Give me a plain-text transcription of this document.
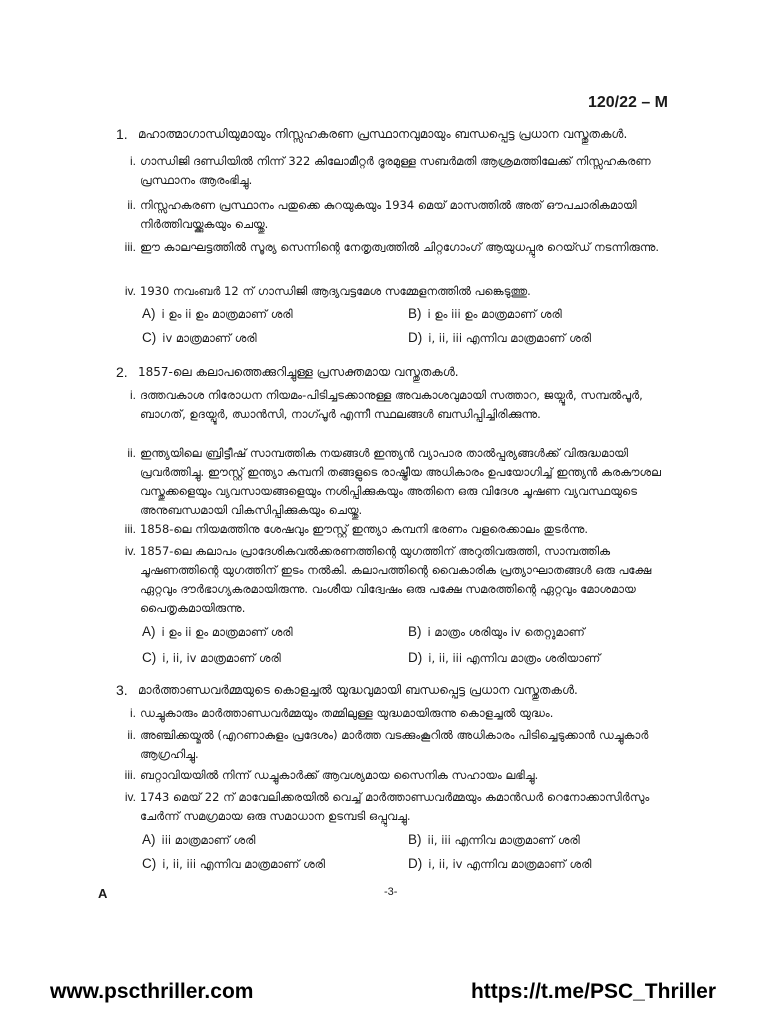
120/22 – M
1. മഹാത്മാഗാന്ധിയുമായും നിസ്സഹകരണ പ്രസ്ഥാനവുമായും ബന്ധപ്പെട്ട പ്രധാന വസ്തുതകൾ.
i. ഗാന്ധിജി ദണ്ഡിയിൽ നിന്ന് 322 കിലോമീറ്റർ ദൂരമുള്ള സബർമതി ആശ്രമത്തിലേക്ക് നിസ്സഹകരണ പ്രസ്ഥാനം ആരംഭിച്ചു.
ii. നിസ്സഹകരണ പ്രസ്ഥാനം പതുക്കെ കുറയുകയും 1934 മെയ് മാസത്തിൽ അത് ഔപചാരികമായി നിർത്തിവയ്ക്കുകയും ചെയ്തു.
iii. ഈ കാലഘട്ടത്തിൽ സൂര്യ സെന്നിന്റെ നേതൃത്വത്തിൽ ചിറ്റഗോംഗ് ആയുധപ്പുര റെയ്ഡ് നടന്നിരുന്നു.
iv. 1930 നവംബർ 12 ന് ഗാന്ധിജി ആദ്യവട്ടമേശ സമ്മേളനത്തിൽ പങ്കെടുത്തു.
A) i ഉം ii ഉം മാത്രമാണ് ശരി	B) i ഉം iii ഉം മാത്രമാണ് ശരി
C) iv മാത്രമാണ് ശരി	D) i, ii, iii എന്നിവ മാത്രമാണ് ശരി
2. 1857-ലെ കലാപത്തെക്കുറിച്ചുള്ള പ്രസക്തമായ വസ്തുതകൾ.
i. ദത്തവകാശ നിരോധന നിയമം-പിടിച്ചടക്കാനുള്ള അവകാശവുമായി സത്താറ, ജയ്പൂർ, സമ്പൽപൂർ, ബാഗത്, ഉദയ്പൂർ, ഝാൻസി, നാഗ്പൂർ എന്നീ സ്ഥലങ്ങൾ ബന്ധിപ്പിച്ചിരിക്കുന്നു.
ii. ഇന്ത്യയിലെ ബ്രിട്ടീഷ് സാമ്പത്തിക നയങ്ങൾ ഇന്ത്യൻ വ്യാപാര താൽപ്പര്യങ്ങൾക്ക് വിരുദ്ധമായി പ്രവർത്തിച്ചു. ഈസ്റ്റ് ഇന്ത്യാ കമ്പനി തങ്ങളുടെ രാഷ്ട്രീയ അധികാരം ഉപയോഗിച്ച് ഇന്ത്യൻ കരകൗശല വസ്തുക്കളെയും വ്യവസായങ്ങളെയും നശിപ്പിക്കുകയും അതിനെ ഒരു വിദേശ ചൂഷണ വ്യവസ്ഥയുടെ അനുബന്ധമായി വികസിപ്പിക്കുകയും ചെയ്തു.
iii. 1858-ലെ നിയമത്തിനു ശേഷവും ഈസ്റ്റ് ഇന്ത്യാ കമ്പനി ഭരണം വളരെക്കാലം തുടർന്നു.
iv. 1857-ലെ കലാപം പ്രാദേശികവൽക്കരണത്തിന്റെ യുഗത്തിന് അറുതിവരുത്തി, സാമ്പത്തിക ചൂഷണത്തിന്റെ യുഗത്തിന് ഇടം നൽകി. കലാപത്തിന്റെ വൈകാരിക പ്രത്യാഘാതങ്ങൾ ഒരു പക്ഷേ ഏറ്റവും ദൗർഭാഗ്യകരമായിരുന്നു. വംശീയ വിദ്വേഷം ഒരു പക്ഷേ സമരത്തിന്റെ ഏറ്റവും മോശമായ പൈതൃകമായിരുന്നു.
A) i ഉം ii ഉം മാത്രമാണ് ശരി	B) i മാത്രം ശരിയും iv തെറ്റുമാണ്
C) i, ii, iv മാത്രമാണ് ശരി	D) i, ii, iii എന്നിവ മാത്രം ശരിയാണ്
3. മാർത്താണ്ഡവർമ്മയുടെ കൊളച്ചൽ യുദ്ധവുമായി ബന്ധപ്പെട്ട പ്രധാന വസ്തുതകൾ.
i. ഡച്ചുകാരും മാർത്താണ്ഡവർമ്മയും തമ്മിലുള്ള യുദ്ധമായിരുന്നു കൊളച്ചൽ യുദ്ധം.
ii. അഞ്ചിക്കയ്മൽ (എറണാകുളം പ്രദേശം) മാർത്ത വടക്കുംകൂറിൽ അധികാരം പിടിച്ചെടുക്കാൻ ഡച്ചുകാർ ആഗ്രഹിച്ചു.
iii. ബറ്റാവിയയിൽ നിന്ന് ഡച്ചുകാർക്ക് ആവശ്യമായ സൈനിക സഹായം ലഭിച്ചു.
iv. 1743 മെയ് 22 ന് മാവേലിക്കരയിൽ വെച്ച് മാർത്താണ്ഡവർമ്മയും കമാൻഡർ റെനോക്കാസിർസും ചേർന്ന് സമഗ്രമായ ഒരു സമാധാന ഉടമ്പടി ഒപ്പുവച്ചു.
A) iii മാത്രമാണ് ശരി	B) ii, iii എന്നിവ മാത്രമാണ് ശരി
C) i, ii, iii എന്നിവ മാത്രമാണ് ശരി	D) i, ii, iv എന്നിവ മാത്രമാണ് ശരി
A	-3-
www.pscthriller.com	https://t.me/PSC_Thriller
